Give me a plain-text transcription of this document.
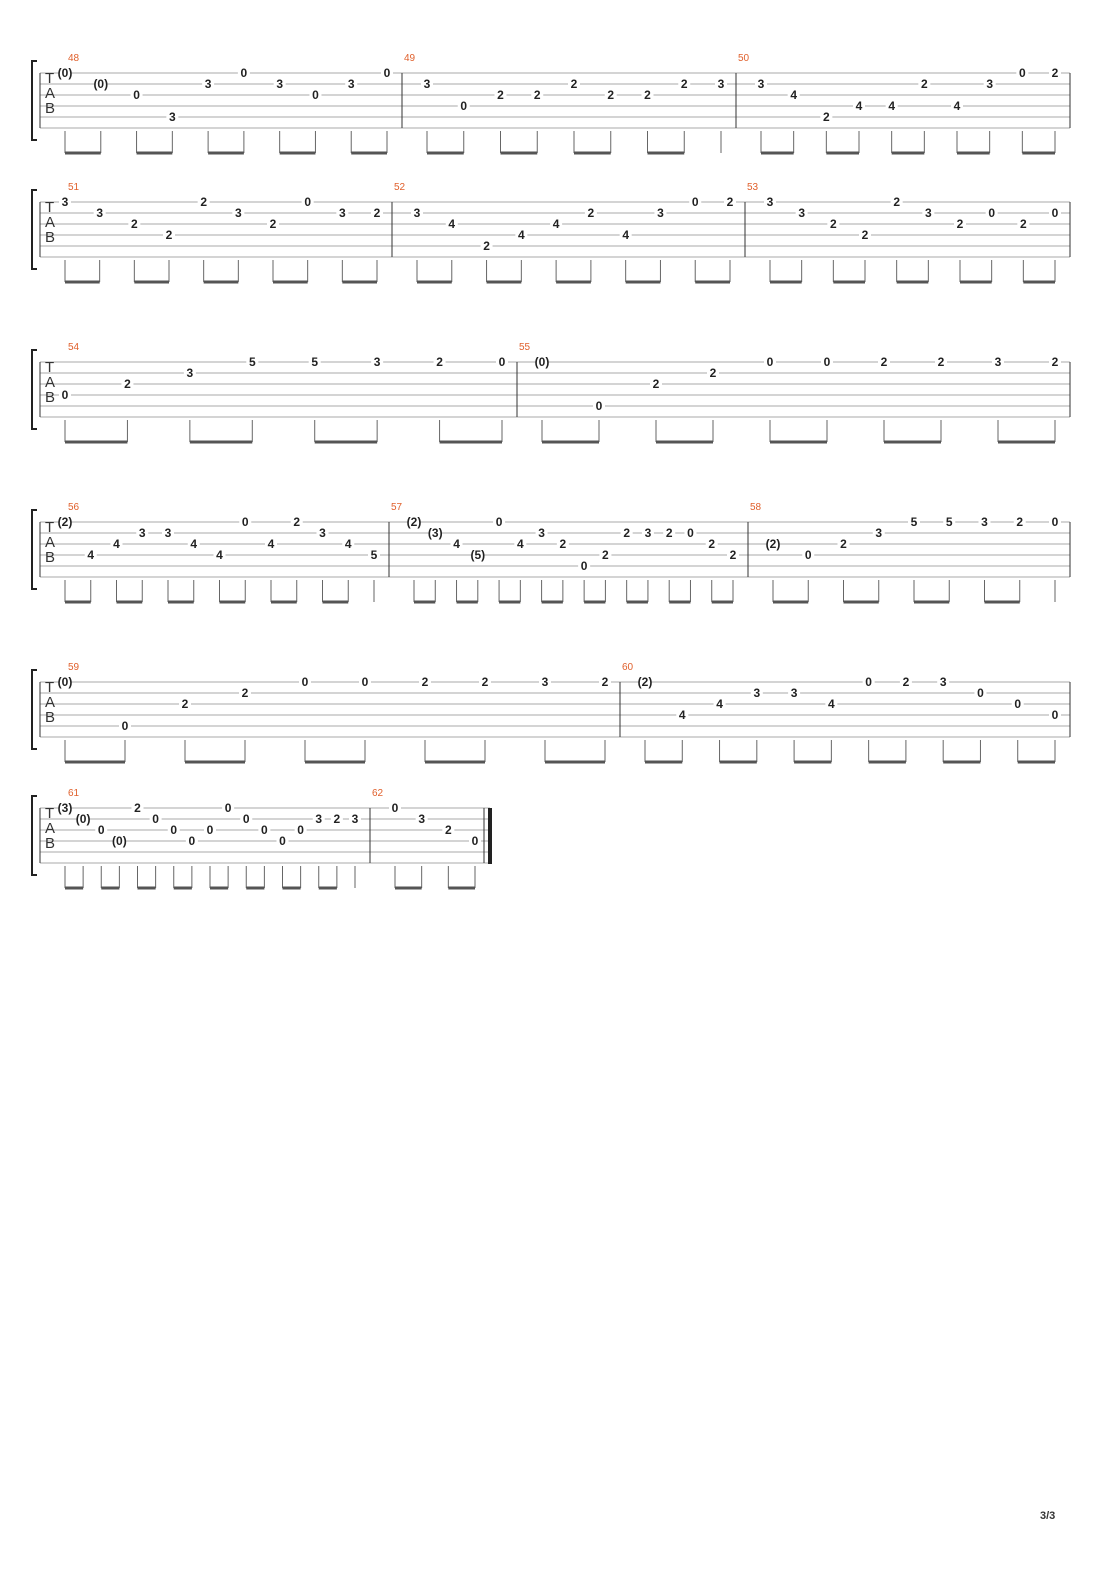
T
A
B
48
(0)
(0)
0
3
3
0
3
0
3
0
49
3
0
2	2
2
2	2
2	3
50
3
4
2
4 4
2
4
3
0 2
T
A
B
51
3
3
2
2
2
3
2
0
3 2
52
3
4
2
4
4
2
4
3
0 2
53
3
3
2
2
2
3
2
0
2
0
T
A
B
54
0
2
3
5	5	3	2	0
55
(0)
0
2
2
0	0	2	2	3	2
T
A
B
56
(2)
4
4
3 3
4
4
0
4
2
3
4
5
57
(2)
(3)
4
(5)
0
4
3
2
0
2
2 3 2 0
2
2
58
(2)
0
2
3
5 5 3 2 0
T
A
B
59
(0)
0
2
2
0	0	2	2	3	2
60
(2)
4
4
3	3
4
0	2	3
0
0
0
T
A
B
61
(3)
(0)
0
(0)
2
0
0
0
0
0
0
0
0
0
3 2 3
62
0
3
2
0
3/3
